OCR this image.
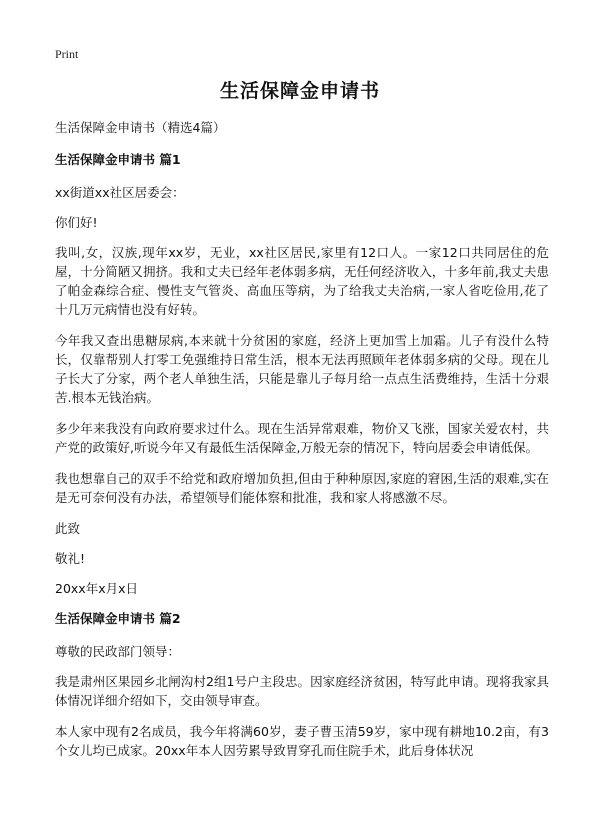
Print
生活保障金申请书

生活保障金申请书（精选4篇）

生活保障金申请书 篇1

xx街道xx社区居委会：

你们好!

我叫,女，汉族,现年xx岁，无业，xx社区居民,家里有12口人。一家12口共同居住的危屋，十分简陋又拥挤。我和丈夫已经年老体弱多病，无任何经济收入，十多年前,我丈夫患了帕金森综合症、慢性支气管炎、高血压等病，为了给我丈夫治病,一家人省吃俭用,花了十几万元病情也没有好转。

今年我又查出患糖尿病,本来就十分贫困的家庭，经济上更加雪上加霜。儿子有没什么特长，仅靠帮别人打零工免强维持日常生活，根本无法再照顾年老体弱多病的父母。现在儿子长大了分家，两个老人单独生活，只能是靠儿子每月给一点点生活费维持，生活十分艰苦.根本无钱治病。

多少年来我没有向政府要求过什么。现在生活异常艰难，物价又飞涨，国家关爱农村，共产党的政策好,听说今年又有最低生活保障金,万般无奈的情况下，特向居委会申请低保。

我也想靠自己的双手不给党和政府增加负担,但由于种种原因,家庭的窘困,生活的艰难,实在是无可奈何没有办法，希望领导们能体察和批准，我和家人将感激不尽。

此致

敬礼!

20xx年x月x日

生活保障金申请书 篇2

尊敬的民政部门领导：

我是肃州区果园乡北闸沟村2组1号户主段忠。因家庭经济贫困，特写此申请。现将我家具体情况详细介绍如下，交由领导审查。

本人家中现有2名成员，我今年将满60岁，妻子曹玉清59岁，家中现有耕地10.2亩，有3个女儿均已成家。20xx年本人因劳累导致胃穿孔而住院手术，此后身体状况
